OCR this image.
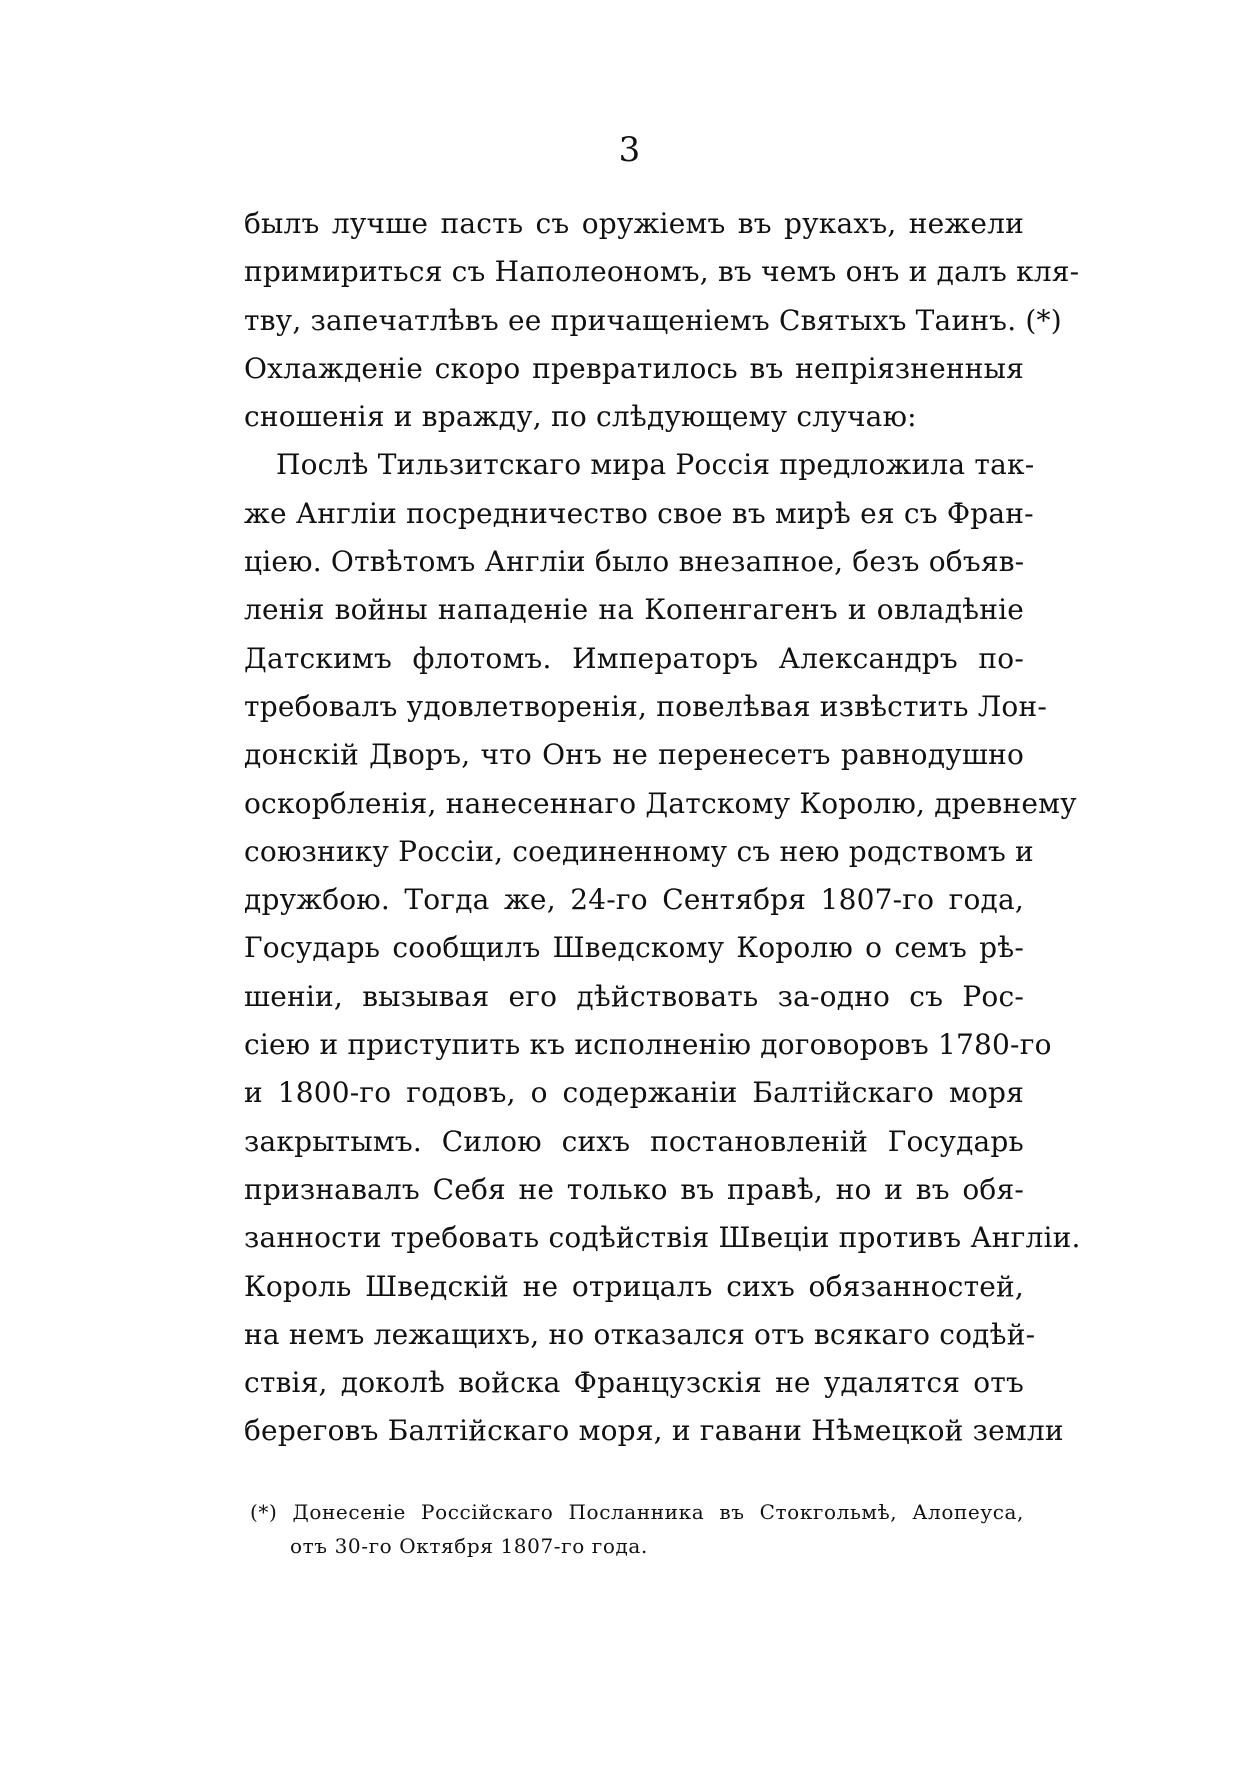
3
былъ лучше пасть съ оружіемъ въ рукахъ, нежели
примириться съ Наполеономъ, въ чемъ онъ и далъ кля-
тву, запечатлѣвъ ее причащеніемъ Святыхъ Таинъ. (*)
Охлажденіе скоро превратилось въ непріязненныя
сношенія и вражду, по слѣдующему случаю:
Послѣ Тильзитскаго мира Россія предложила так-
же Англіи посредничество свое въ мирѣ ея съ Фран-
ціею. Отвѣтомъ Англіи было внезапное, безъ объяв-
ленія войны нападеніе на Копенгагенъ и овладѣніе
Датскимъ флотомъ. Императоръ Александръ по-
требовалъ удовлетворенія, повелѣвая извѣстить Лон-
донскій Дворъ, что Онъ не перенесетъ равнодушно
оскорбленія, нанесеннаго Датскому Королю, древнему
союзнику Россіи, соединенному съ нею родствомъ и
дружбою. Тогда же, 24-го Сентября 1807-го года,
Государь сообщилъ Шведскому Королю о семъ рѣ-
шеніи, вызывая его дѣйствовать за-одно съ Рос-
сіею и приступить къ исполненію договоровъ 1780-го
и 1800-го годовъ, о содержаніи Балтійскаго моря
закрытымъ. Силою сихъ постановленій Государь
признавалъ Себя не только въ правѣ, но и въ обя-
занности требовать содѣйствія Швеціи противъ Англіи.
Король Шведскій не отрицалъ сихъ обязанностей,
на немъ лежащихъ, но отказался отъ всякаго содѣй-
ствія, доколѣ войска Французскія не удалятся отъ
береговъ Балтійскаго моря, и гавани Нѣмецкой земли
(*) Донесеніе Россійскаго Посланника въ Стокгольмѣ, Алопеуса,
отъ 30-го Октября 1807-го года.
